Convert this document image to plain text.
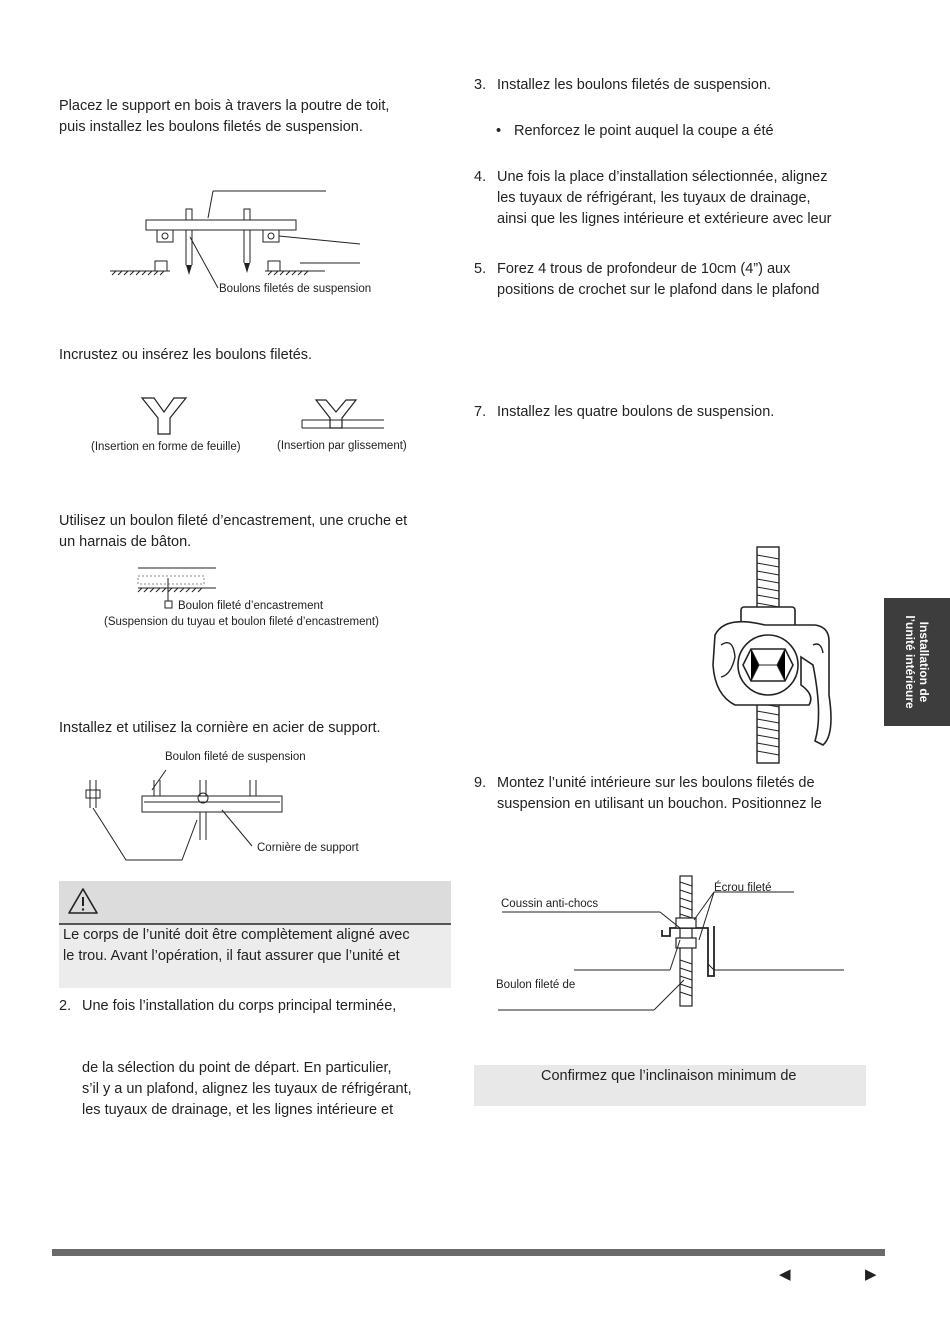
Placez le support en bois à travers la poutre de toit,
puis installez les boulons filetés de suspension.
Boulons filetés de suspension
Incrustez ou insérez les boulons filetés.
(Insertion en forme de feuille)	(Insertion par glissement)
Utilisez un boulon fileté d’encastrement, une cruche et
un harnais de bâton.
Boulon fileté d’encastrement
(Suspension du tuyau et boulon fileté d’encastrement)
Installez et utilisez la cornière en acier de support.
Boulon fileté de suspension
Cornière de support
Le corps de l’unité doit être complètement aligné avec
le trou. Avant l’opération, il faut assurer que l’unité et
2. Une fois l’installation du corps principal terminée,
de la sélection du point de départ. En particulier,
s’il y a un plafond, alignez les tuyaux de réfrigérant,
les tuyaux de drainage, et les lignes intérieure et
3. Installez les boulons filetés de suspension.
• Renforcez le point auquel la coupe a été
4. Une fois la place d’installation sélectionnée, alignez
les tuyaux de réfrigérant, les tuyaux de drainage,
ainsi que les lignes intérieure et extérieure avec leur
5. Forez 4 trous de profondeur de 10cm (4”) aux
positions de crochet sur le plafond dans le plafond
7. Installez les quatre boulons de suspension.
Installation de
l’unité intérieure
9. Montez l’unité intérieure sur les boulons filetés de
suspension en utilisant un bouchon. Positionnez le
Écrou fileté
Coussin anti-chocs
Boulon fileté de
Confirmez que l’inclinaison minimum de
◀	▶
